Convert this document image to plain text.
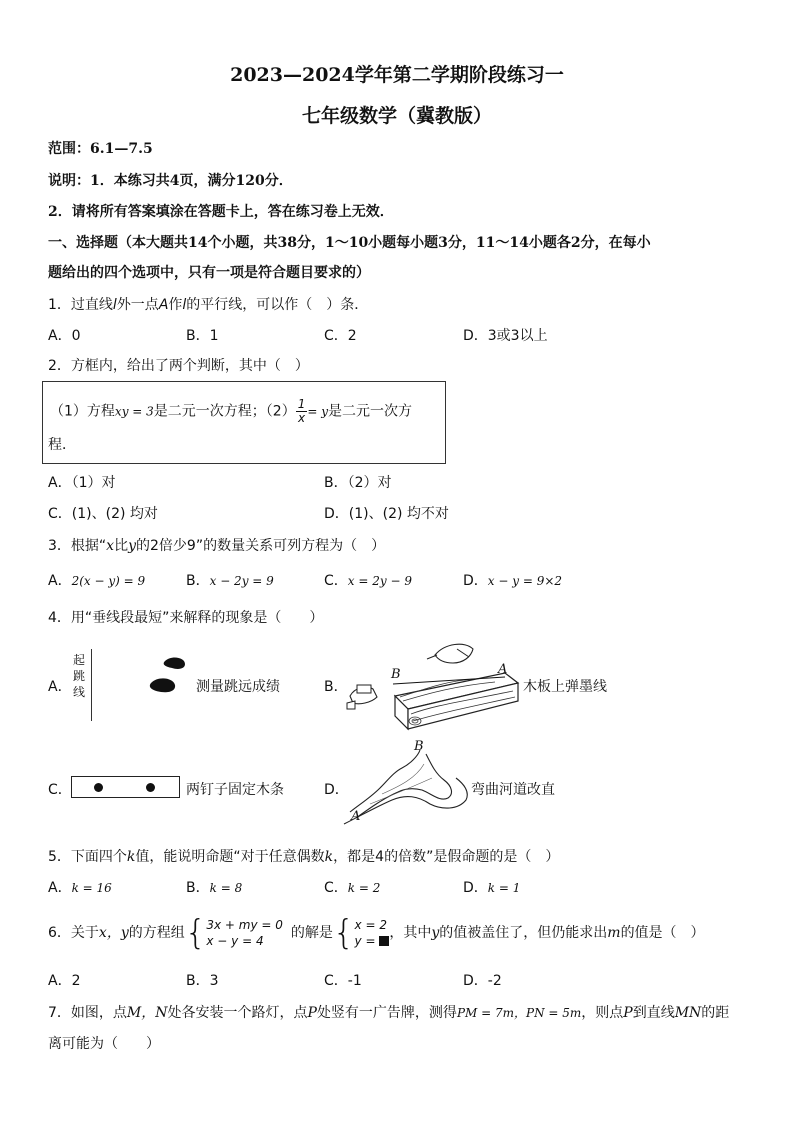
2023—2024学年第二学期阶段练习一
七年级数学（冀教版）
范围：6.1—7.5
说明：1．本练习共4页，满分120分．
2．请将所有答案填涂在答题卡上，答在练习卷上无效．
一、选择题（本大题共14个小题，共38分，1～10小题每小题3分，11～14小题各2分，在每小
题给出的四个选项中，只有一项是符合题目要求的）
1．过直线l外一点A作l的平行线，可以作（　）条．
A．0	B．1	C．2	D．3或3以上
2．方框内，给出了两个判断，其中（　）
（1）方程xy = 3是二元一次方程；$(2) \frac{1}{x} = y$是二元一次方
程．
A．（1）对	B．（2）对
C．(1)、(2) 均对	D．(1)、(2) 均不对
3．根据“x比y的2倍少9”的数量关系可列方程为（　）
A．2(x − y) = 9	B．x − 2y = 9	C．x = 2y − 9	D．x − y = 9×2
4．用“垂线段最短”来解释的现象是（　　）
A．
起跳线	测量跳远成绩	B．
B	A
木板上弹墨线
C．	两钉子固定木条	D．
B
A
弯曲河道改直
5．下面四个k值，能说明命题“对于任意偶数k，都是4的倍数”是假命题的是（　）
A．k = 16	B．k = 8	C．k = 2	D．k = 1
6．关于x，y的方程组{ 3x + my = 0
x − y = 4	的解是{ x = 2
y = ，其中y的值被盖住了，但仍能求出m的值是（　）
A．2	B．3	C．-1	D．-2
7．如图，点M，N处各安装一个路灯，点P处竖有一广告牌，测得PM = 7m，PN = 5m，则点P到直线MN的距
离可能为（　　）
